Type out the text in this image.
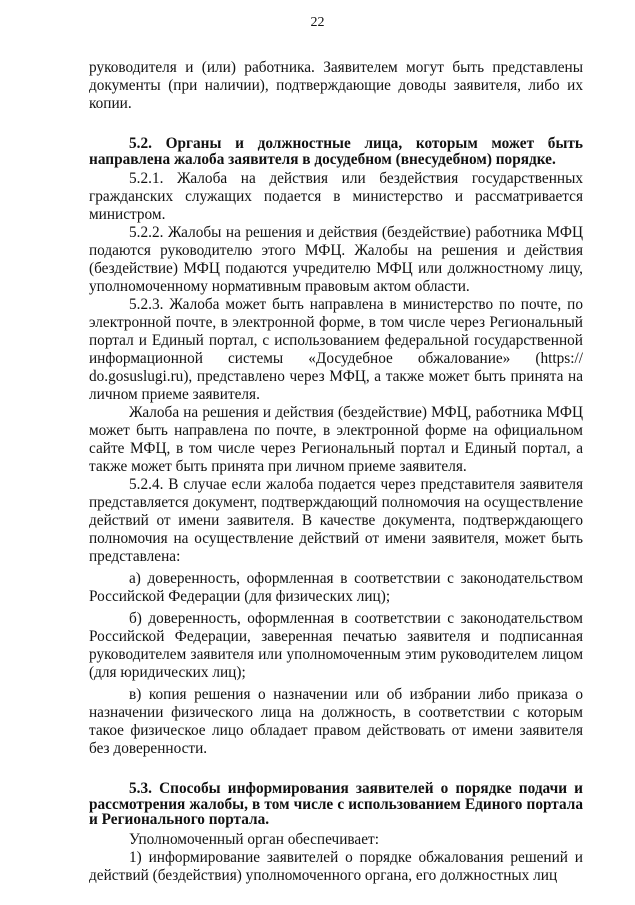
22

руководителя и (или) работника. Заявителем могут быть представлены документы (при наличии), подтверждающие доводы заявителя, либо их копии.

5.2. Органы и должностные лица, которым может быть направлена жалоба заявителя в досудебном (внесудебном) порядке.

5.2.1. Жалоба на действия или бездействия государственных гражданских служащих подается в министерство и рассматривается министром.

5.2.2. Жалобы на решения и действия (бездействие) работника МФЦ подаются руководителю этого МФЦ. Жалобы на решения и действия (бездействие) МФЦ подаются учредителю МФЦ или должностному лицу, уполномоченному нормативным правовым актом области.

5.2.3. Жалоба может быть направлена в министерство по почте, по электронной почте, в электронной форме, в том числе через Региональный портал и Единый портал, с использованием федеральной государственной информационной системы «Досудебное обжалование» (https:// do.gosuslugi.ru), представлено через МФЦ, а также может быть принята на личном приеме заявителя.

Жалоба на решения и действия (бездействие) МФЦ, работника МФЦ может быть направлена по почте, в электронной форме на официальном сайте МФЦ, в том числе через Региональный портал и Единый портал, а также может быть принята при личном приеме заявителя.

5.2.4. В случае если жалоба подается через представителя заявителя представляется документ, подтверждающий полномочия на осуществление действий от имени заявителя. В качестве документа, подтверждающего полномочия на осуществление действий от имени заявителя, может быть представлена:

а) доверенность, оформленная в соответствии с законодательством Российской Федерации (для физических лиц);

б) доверенность, оформленная в соответствии с законодательством Российской Федерации, заверенная печатью заявителя и подписанная руководителем заявителя или уполномоченным этим руководителем лицом (для юридических лиц);

в) копия решения о назначении или об избрании либо приказа о назначении физического лица на должность, в соответствии с которым такое физическое лицо обладает правом действовать от имени заявителя без доверенности.

5.3. Способы информирования заявителей о порядке подачи и рассмотрения жалобы, в том числе с использованием Единого портала и Регионального портала.

Уполномоченный орган обеспечивает:

1) информирование заявителей о порядке обжалования решений и действий (бездействия) уполномоченного органа, его должностных лиц
